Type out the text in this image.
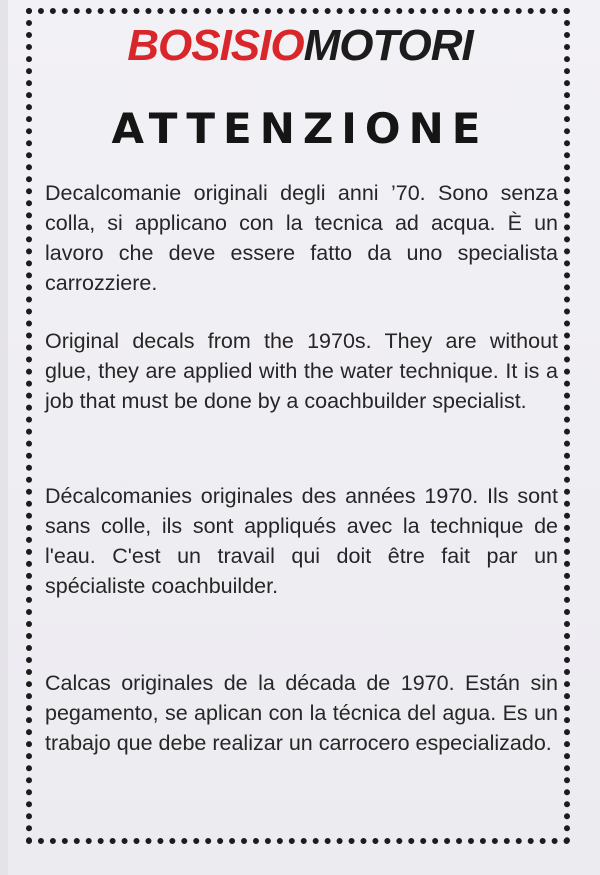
BOSISIOMOTORI
ATTENZIONE
Decalcomanie originali degli anni ’70. Sono senza colla, si applicano con la tecnica ad acqua. È un lavoro che deve essere fatto da uno specialista carrozziere.
Original decals from the 1970s. They are without glue, they are applied with the water technique. It is a job that must be done by a coachbuilder specialist.
Décalcomanies originales des années 1970. Ils sont sans colle, ils sont appliqués avec la technique de l'eau. C'est un travail qui doit être fait par un spécialiste coachbuilder.
Calcas originales de la década de 1970. Están sin pegamento, se aplican con la técnica del agua. Es un trabajo que debe realizar un carrocero especializado.
